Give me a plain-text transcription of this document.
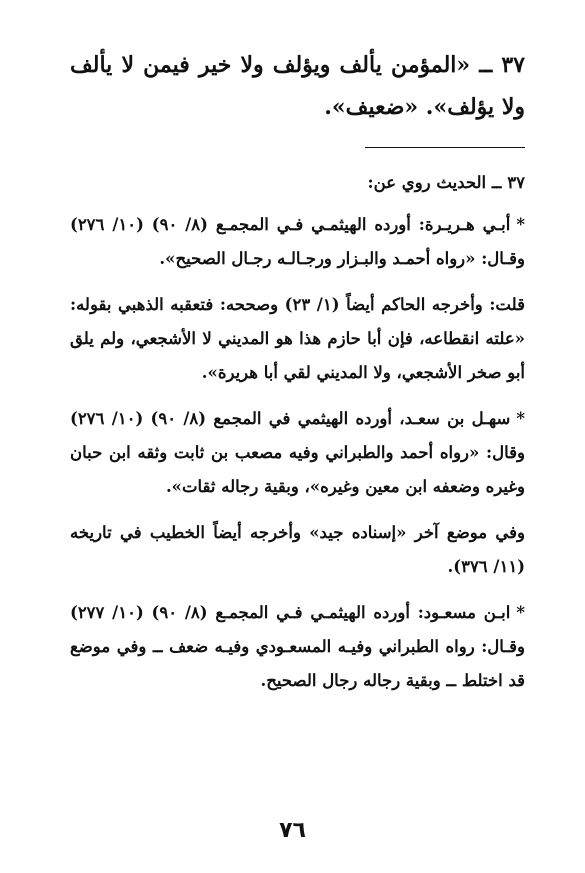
٣٧ ــ «المؤمن يألف ويؤلف ولا خير فيمن لا يألف ولا يؤلف». «ضعيف».

٣٧ ــ الحديث روي عن:

*أبـي هـريـرة: أورده الهيثمـي فـي المجمـع (٨/ ٩٠) (١٠/ ٢٧٦) وقـال: «رواه أحمـد والبـزار ورجـالـه رجـال الصحيح».

قلت: وأخرجه الحاكم أيضاً (١/ ٢٣) وصححه: فتعقبه الذهبي بقوله: «علته انقطاعه، فإن أبا حازم هذا هو المديني لا الأشجعي، ولم يلق أبو صخر الأشجعي، ولا المديني لقي أبا هريرة».

*سهـل بن سعـد، أورده الهيثمي في المجمع (٨/ ٩٠) (١٠/ ٢٧٦) وقال: «رواه أحمد والطبراني وفيه مصعب بن ثابت وثقه ابن حبان وغيره وضعفه ابن معين وغيره»، وبقية رجاله ثقات».

وفي موضع آخر «إسناده جيد» وأخرجه أيضاً الخطيب في تاريخه (١١/ ٣٧٦).

*ابـن مسعـود: أورده الهيثمـي فـي المجمـع (٨/ ٩٠) (١٠/ ٢٧٧) وقـال: رواه الطبراني وفيـه المسعـودي وفيـه ضعف ــ وفي موضع قد اختلط ــ وبقية رجاله رجال الصحيح.

٧٦
